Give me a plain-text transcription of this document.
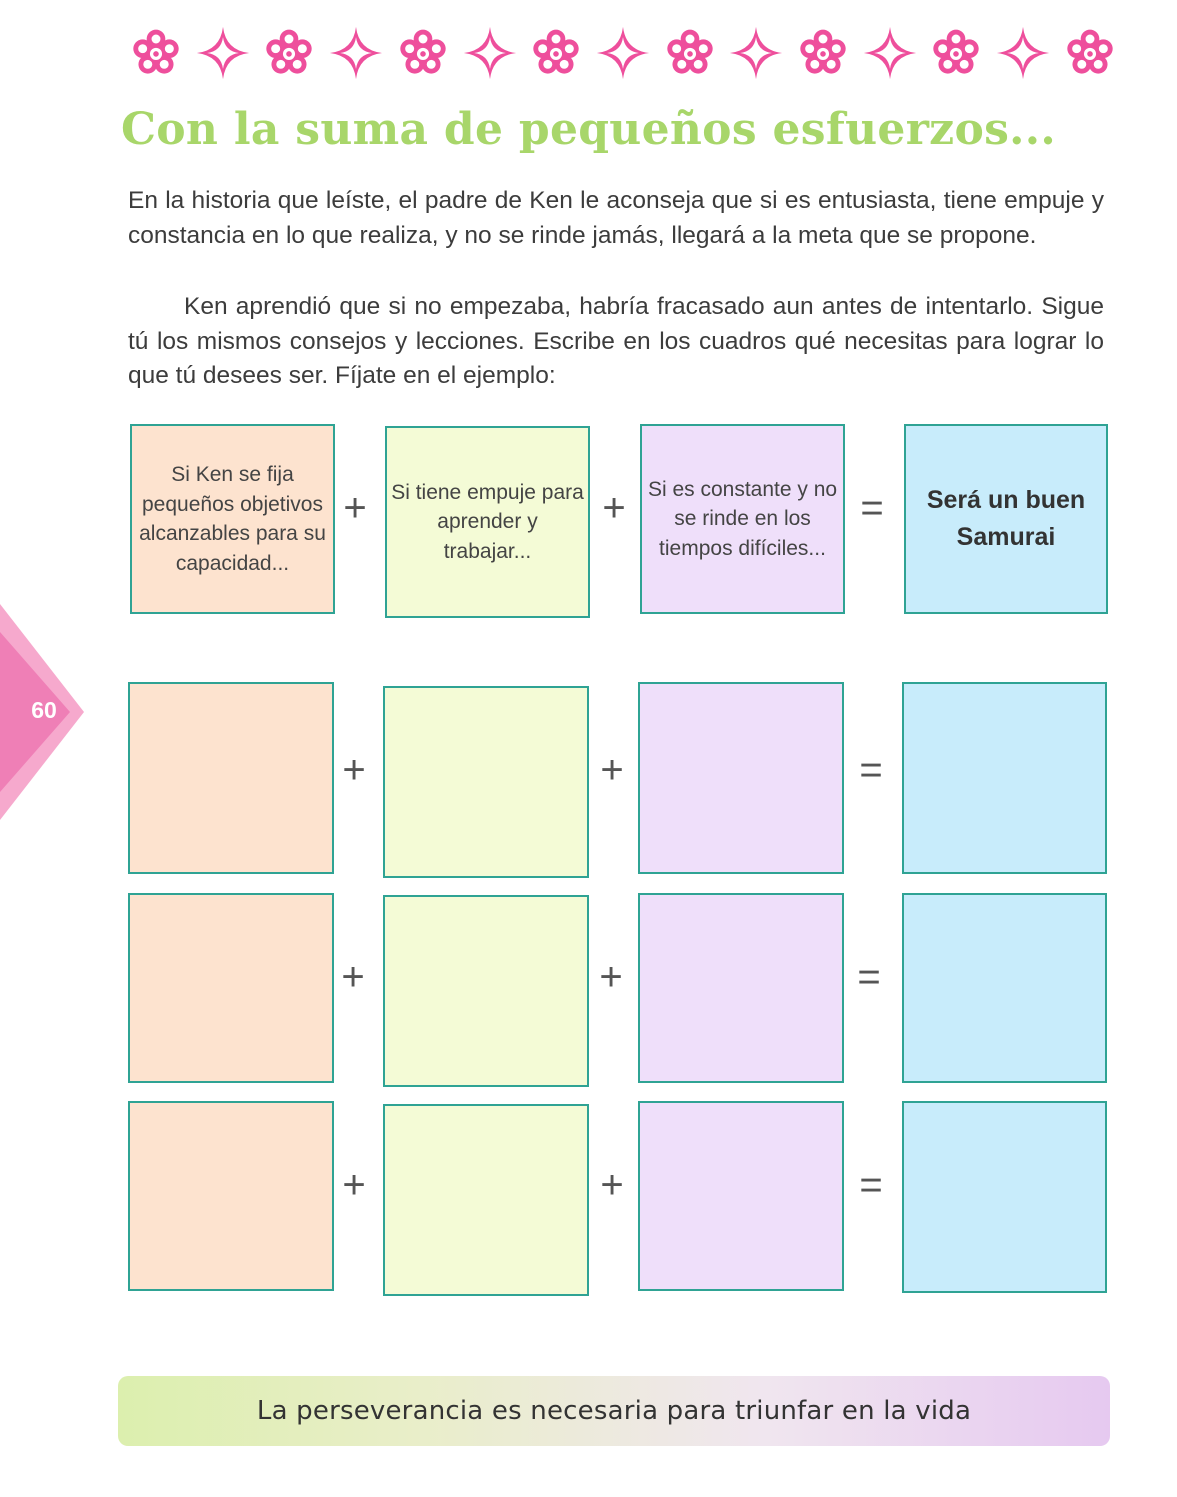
Con la suma de pequeños esfuerzos...

En la historia que leíste, el padre de Ken le aconseja que si es entusiasta, tiene empuje y constancia en lo que realiza, y no se rinde jamás, llegará a la meta que se propone.

Ken aprendió que si no empezaba, habría fracasado aun antes de intentarlo. Sigue tú los mismos consejos y lecciones. Escribe en los cuadros qué necesitas para lograr lo que tú desees ser. Fíjate en el ejemplo:

60
Si Ken se fija pequeños objetivos alcanzables para su capacidad...
+	Si tiene empuje para aprender y trabajar...
+	Si es constante y no se rinde en los tiempos difíciles...
=	Será un buen Samurai
+	+	=
+	+	=
+	+	=
La perseverancia es necesaria para triunfar en la vida
